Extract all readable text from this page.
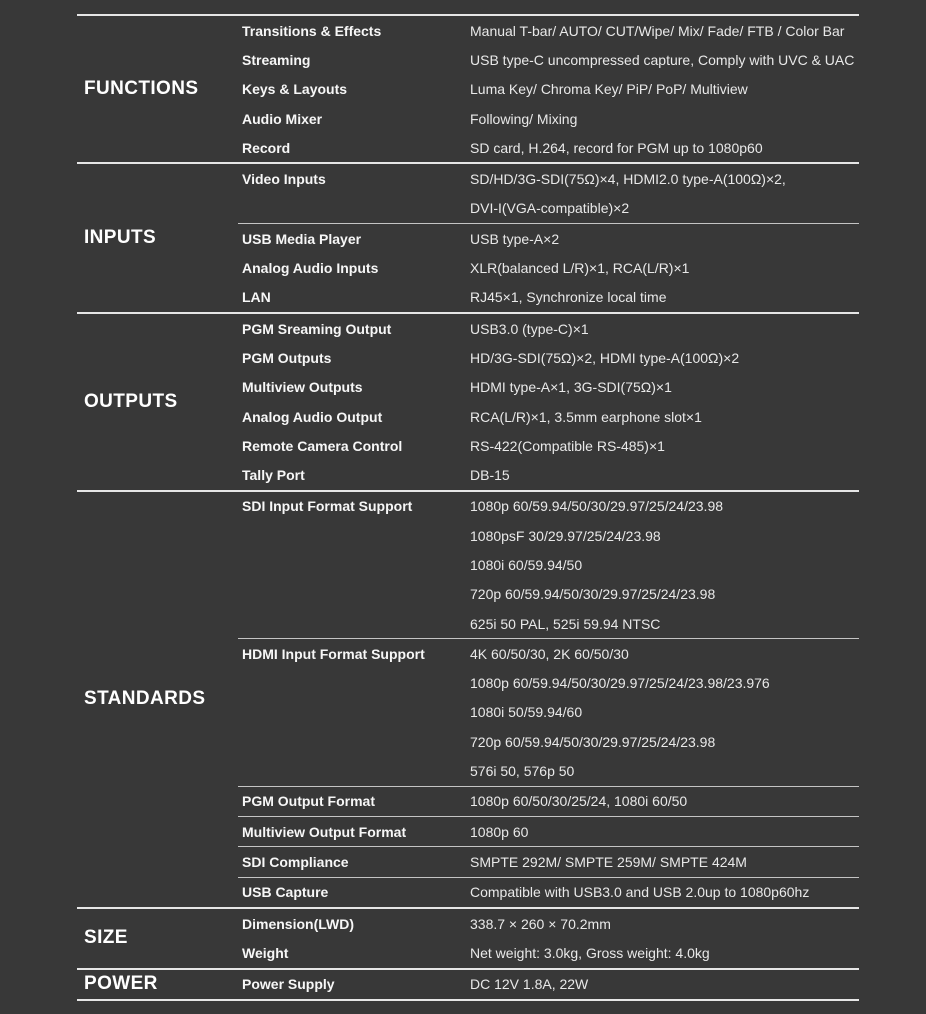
FUNCTIONS
Transitions & Effects	Manual T-bar/ AUTO/ CUT/Wipe/ Mix/ Fade/ FTB / Color Bar
Streaming	USB type-C uncompressed capture, Comply with UVC & UAC
Keys & Layouts	Luma Key/ Chroma Key/ PiP/ PoP/ Multiview
Audio Mixer	Following/ Mixing
Record	SD card, H.264, record for PGM up to 1080p60
INPUTS
Video Inputs	SD/HD/3G-SDI(75Ω)×4, HDMI2.0 type-A(100Ω)×2,
DVI-I(VGA-compatible)×2
USB Media Player	USB type-A×2
Analog Audio Inputs	XLR(balanced L/R)×1, RCA(L/R)×1
LAN	RJ45×1, Synchronize local time
OUTPUTS
PGM Sreaming Output	USB3.0 (type-C)×1
PGM Outputs	HD/3G-SDI(75Ω)×2, HDMI type-A(100Ω)×2
Multiview Outputs	HDMI type-A×1, 3G-SDI(75Ω)×1
Analog Audio Output	RCA(L/R)×1, 3.5mm earphone slot×1
Remote Camera Control	RS-422(Compatible RS-485)×1
Tally Port	DB-15
STANDARDS
SDI Input Format Support	1080p 60/59.94/50/30/29.97/25/24/23.98
1080psF 30/29.97/25/24/23.98
1080i 60/59.94/50
720p 60/59.94/50/30/29.97/25/24/23.98
625i 50 PAL, 525i 59.94 NTSC
HDMI Input Format Support	4K 60/50/30, 2K 60/50/30
1080p 60/59.94/50/30/29.97/25/24/23.98/23.976
1080i 50/59.94/60
720p 60/59.94/50/30/29.97/25/24/23.98
576i 50, 576p 50
PGM Output Format	1080p 60/50/30/25/24, 1080i 60/50
Multiview Output Format	1080p 60
SDI Compliance	SMPTE 292M/ SMPTE 259M/ SMPTE 424M
USB Capture	Compatible with USB3.0 and USB 2.0up to 1080p60hz
SIZE
Dimension(LWD)	338.7 × 260 × 70.2mm
Weight	Net weight: 3.0kg, Gross weight: 4.0kg
POWER	Power Supply	DC 12V 1.8A, 22W
